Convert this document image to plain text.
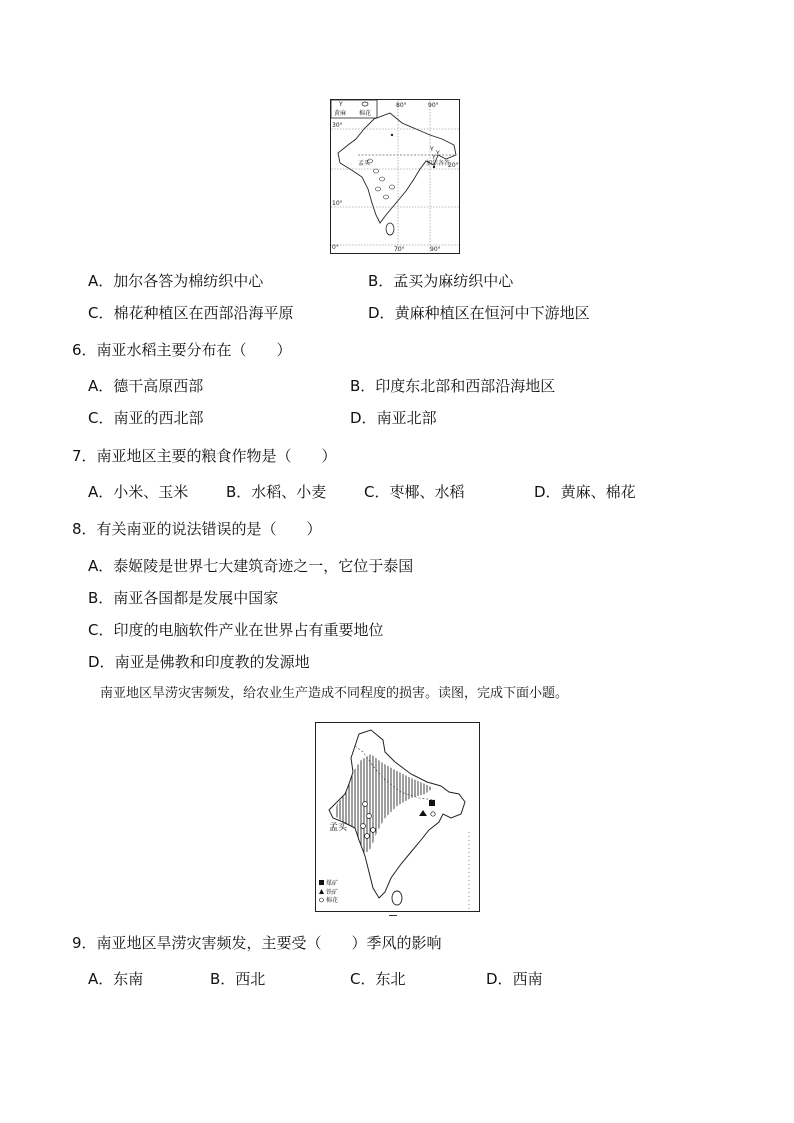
Y
黄麻 棉花
Y
Y
Y
80°	90°
30°
20°
10°
0°	70°	90°
加尔各答
孟买
A．加尔各答为棉纺织中心	B．孟买为麻纺织中心
C．棉花种植区在西部沿海平原	D．黄麻种植区在恒河中下游地区
6．南亚水稻主要分布在（　　）
A．德干高原西部	B．印度东北部和西部沿海地区
C．南亚的西北部	D．南亚北部
7．南亚地区主要的粮食作物是（　　）
A．小米、玉米	B．水稻、小麦	C．枣椰、水稻	D．黄麻、棉花
8．有关南亚的说法错误的是（　　）
A．泰姬陵是世界七大建筑奇迹之一，它位于泰国
B．南亚各国都是发展中国家
C．印度的电脑软件产业在世界占有重要地位
D．南亚是佛教和印度教的发源地
南亚地区旱涝灾害频发，给农业生产造成不同程度的损害。读图，完成下面小题。
孟买
煤矿
铁矿
棉花
9．南亚地区旱涝灾害频发，主要受（　　）季风的影响
A．东南	B．西北	C．东北	D．西南
